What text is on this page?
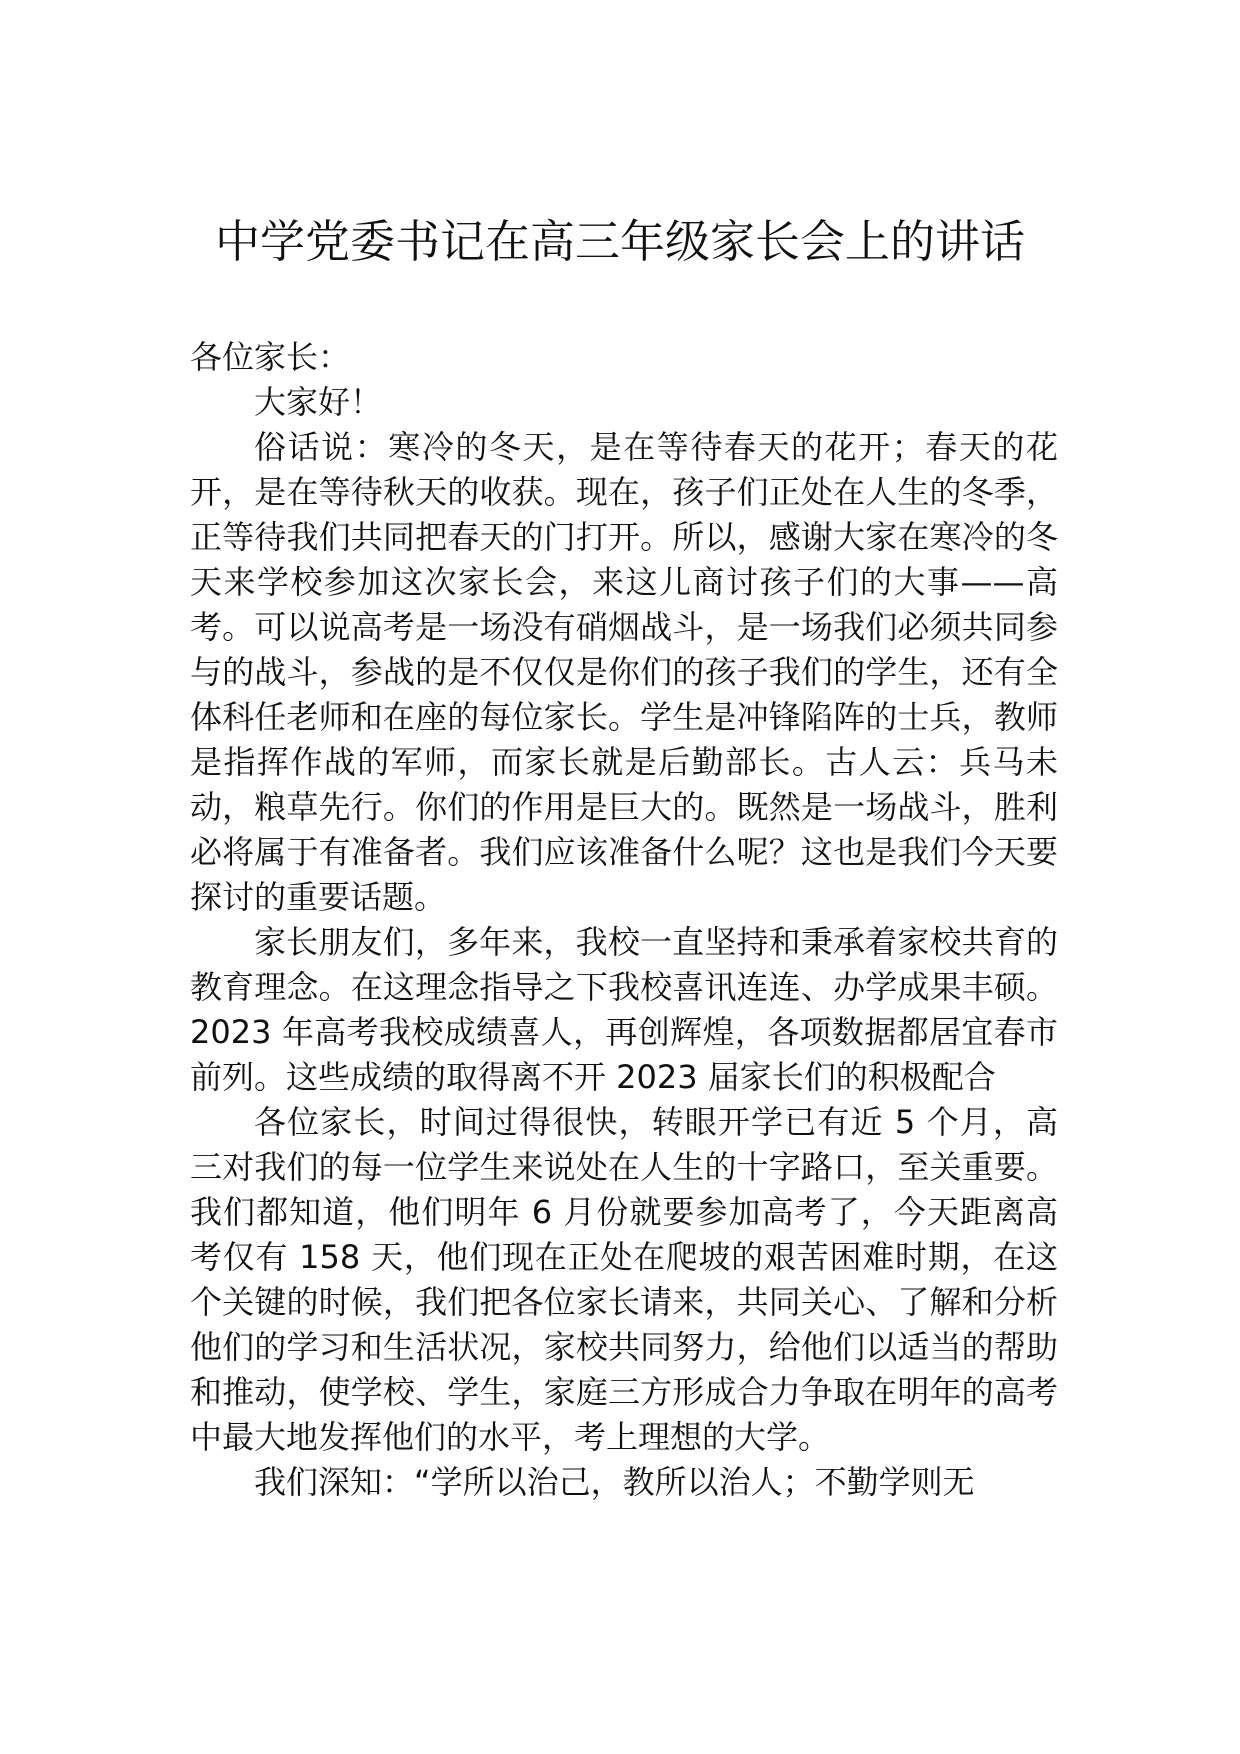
中学党委书记在高三年级家长会上的讲话

各位家长：

大家好！

俗话说：寒冷的冬天，是在等待春天的花开；春天的花开，是在等待秋天的收获。现在，孩子们正处在人生的冬季，正等待我们共同把春天的门打开。所以，感谢大家在寒冷的冬天来学校参加这次家长会，来这儿商讨孩子们的大事——高考。可以说高考是一场没有硝烟战斗，是一场我们必须共同参与的战斗，参战的是不仅仅是你们的孩子我们的学生，还有全体科任老师和在座的每位家长。学生是冲锋陷阵的士兵，教师是指挥作战的军师，而家长就是后勤部长。古人云：兵马未动，粮草先行。你们的作用是巨大的。既然是一场战斗，胜利必将属于有准备者。我们应该准备什么呢？这也是我们今天要探讨的重要话题。

家长朋友们，多年来，我校一直坚持和秉承着家校共育的教育理念。在这理念指导之下我校喜讯连连、办学成果丰硕。2023 年高考我校成绩喜人，再创辉煌，各项数据都居宜春市前列。这些成绩的取得离不开 2023 届家长们的积极配合

各位家长，时间过得很快，转眼开学已有近 5 个月，高三对我们的每一位学生来说处在人生的十字路口，至关重要。我们都知道，他们明年 6 月份就要参加高考了，今天距离高考仅有 158 天，他们现在正处在爬坡的艰苦困难时期，在这个关键的时候，我们把各位家长请来，共同关心、了解和分析他们的学习和生活状况，家校共同努力，给他们以适当的帮助和推动，使学校、学生，家庭三方形成合力争取在明年的高考中最大地发挥他们的水平，考上理想的大学。

我们深知：“学所以治己，教所以治人；不勤学则无
